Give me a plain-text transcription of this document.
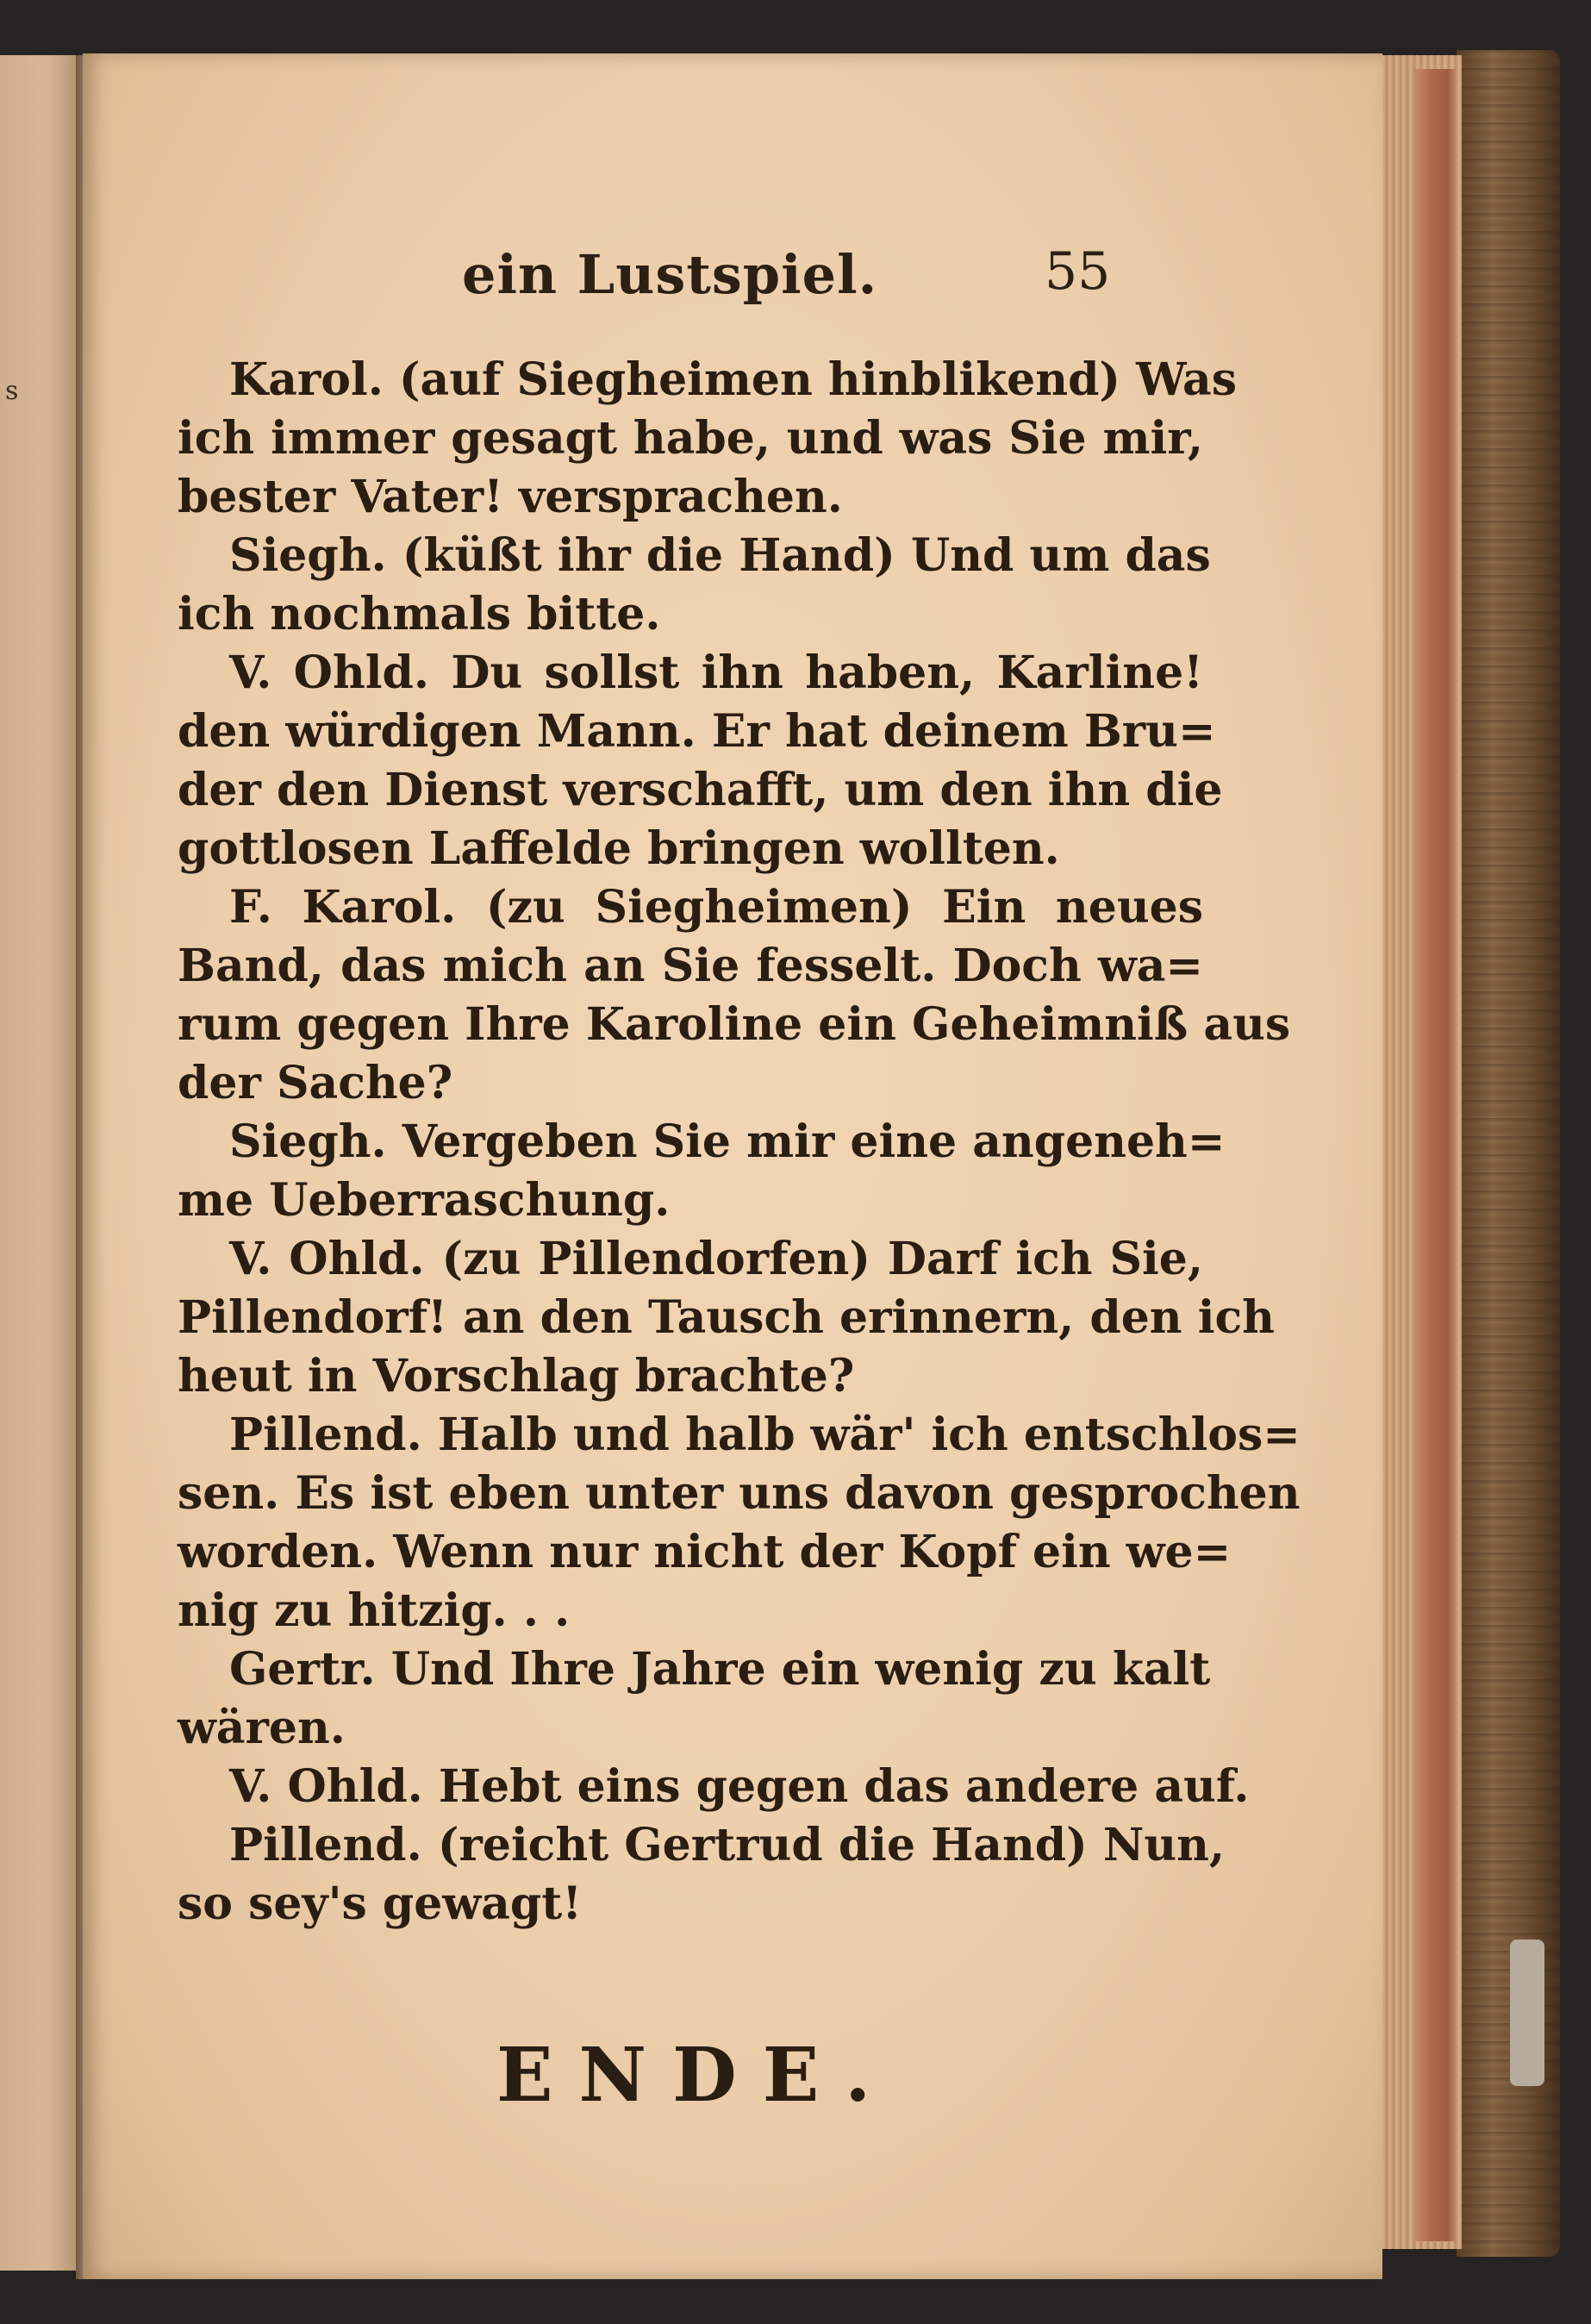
s
ein Lustspiel.	55
Karol. (auf Siegheimen hinblikend) Was
ich immer gesagt habe, und was Sie mir,
bester Vater! versprachen.
Siegh. (küßt ihr die Hand) Und um das
ich nochmals bitte.
V. Ohld. Du sollst ihn haben, Karline!
den würdigen Mann. Er hat deinem Bru=
der den Dienst verschafft, um den ihn die
gottlosen Laffelde bringen wollten.
F. Karol. (zu Siegheimen) Ein neues
Band, das mich an Sie fesselt. Doch wa=
rum gegen Ihre Karoline ein Geheimniß aus
der Sache?
Siegh. Vergeben Sie mir eine angeneh=
me Ueberraschung.
V. Ohld. (zu Pillendorfen) Darf ich Sie,
Pillendorf! an den Tausch erinnern, den ich
heut in Vorschlag brachte?
Pillend. Halb und halb wär' ich entschlos=
sen. Es ist eben unter uns davon gesprochen
worden. Wenn nur nicht der Kopf ein we=
nig zu hitzig. . .
Gertr. Und Ihre Jahre ein wenig zu kalt
wären.
V. Ohld. Hebt eins gegen das andere auf.
Pillend. (reicht Gertrud die Hand) Nun,
so sey's gewagt!
ENDE.
